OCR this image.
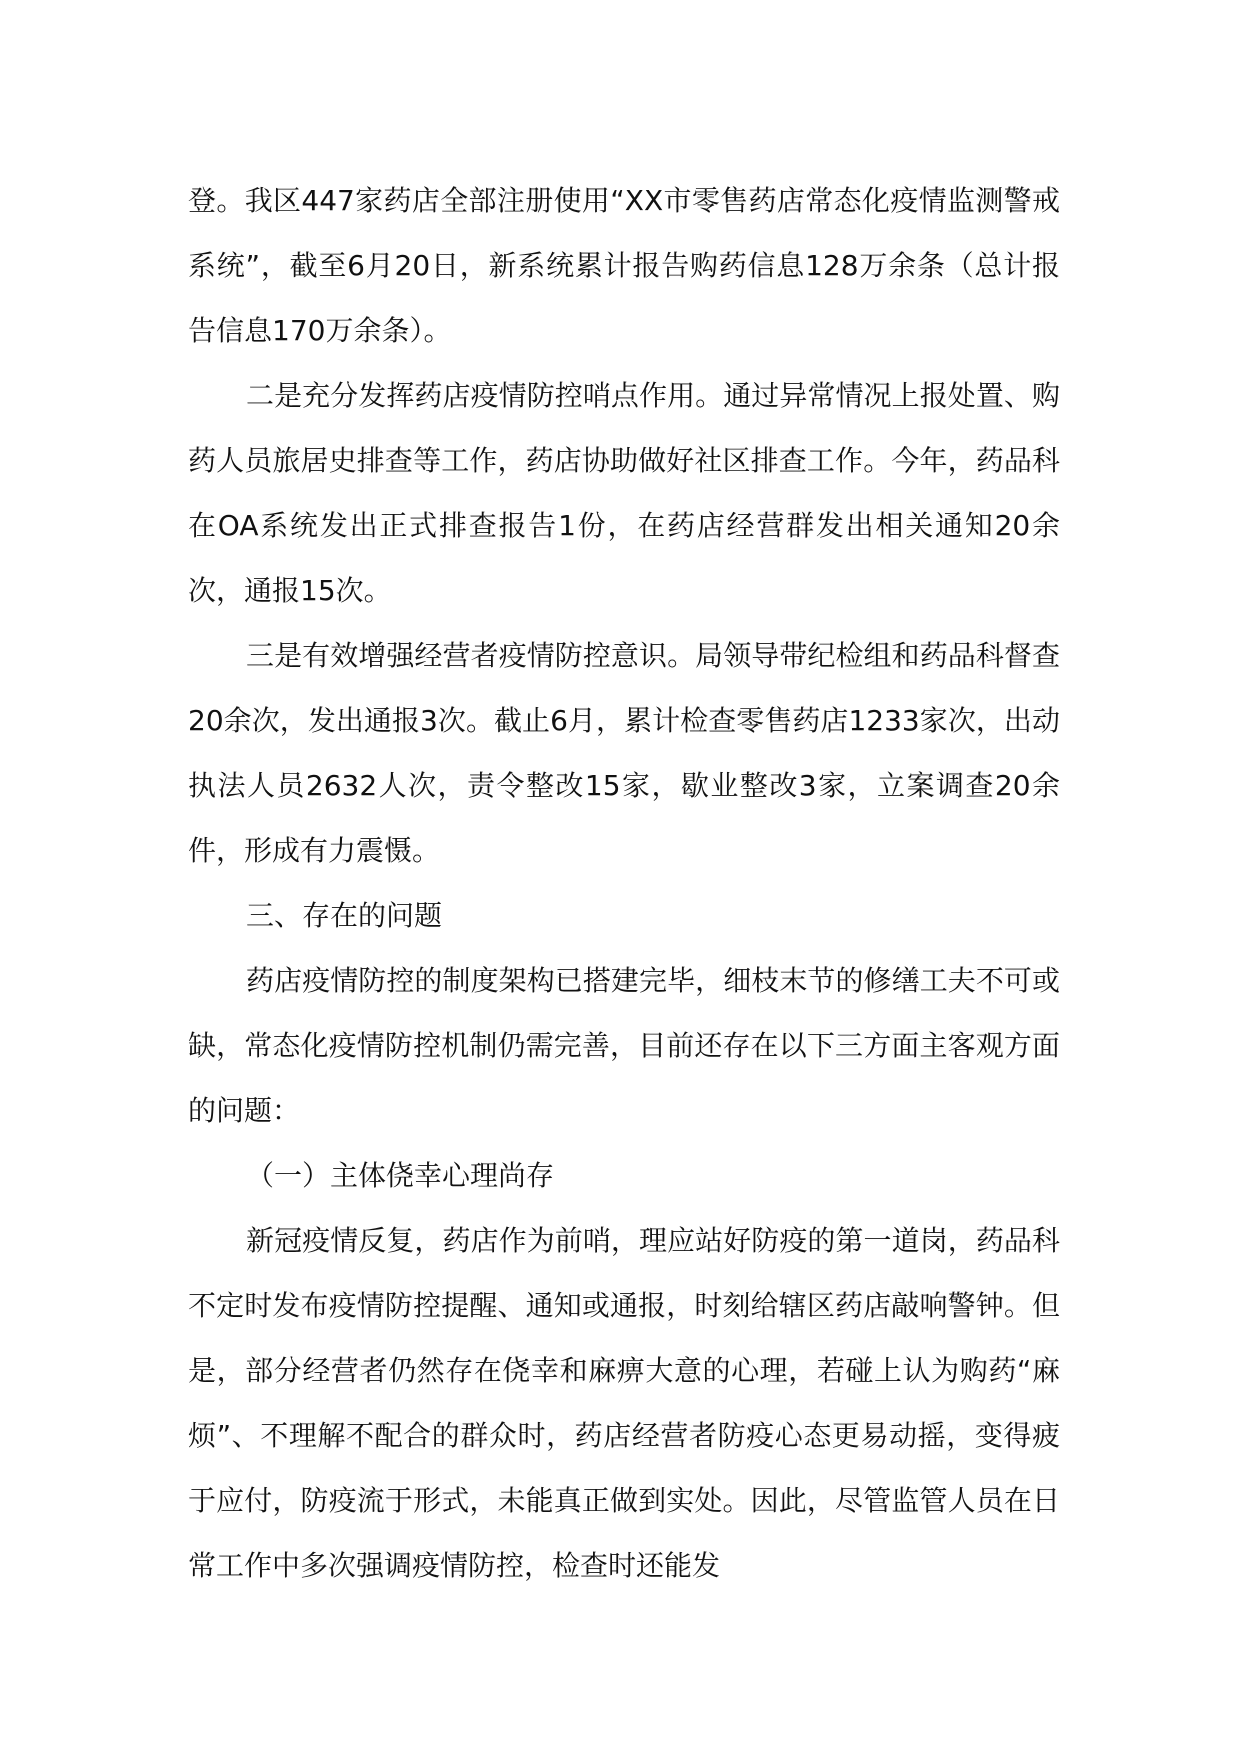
登。我区447家药店全部注册使用“XX市零售药店常态化疫情监测警戒系统”，截至6月20日，新系统累计报告购药信息128万余条（总计报告信息170万余条）。

二是充分发挥药店疫情防控哨点作用。通过异常情况上报处置、购药人员旅居史排查等工作，药店协助做好社区排查工作。今年，药品科在OA系统发出正式排查报告1份，在药店经营群发出相关通知20余次，通报15次。

三是有效增强经营者疫情防控意识。局领导带纪检组和药品科督查20余次，发出通报3次。截止6月，累计检查零售药店1233家次，出动执法人员2632人次，责令整改15家，歇业整改3家，立案调查20余件，形成有力震慑。

三、存在的问题

药店疫情防控的制度架构已搭建完毕，细枝末节的修缮工夫不可或缺，常态化疫情防控机制仍需完善，目前还存在以下三方面主客观方面的问题：

（一）主体侥幸心理尚存

新冠疫情反复，药店作为前哨，理应站好防疫的第一道岗，药品科不定时发布疫情防控提醒、通知或通报，时刻给辖区药店敲响警钟。但是，部分经营者仍然存在侥幸和麻痹大意的心理，若碰上认为购药“麻烦”、不理解不配合的群众时，药店经营者防疫心态更易动摇，变得疲于应付，防疫流于形式，未能真正做到实处。因此，尽管监管人员在日常工作中多次强调疫情防控，检查时还能发
